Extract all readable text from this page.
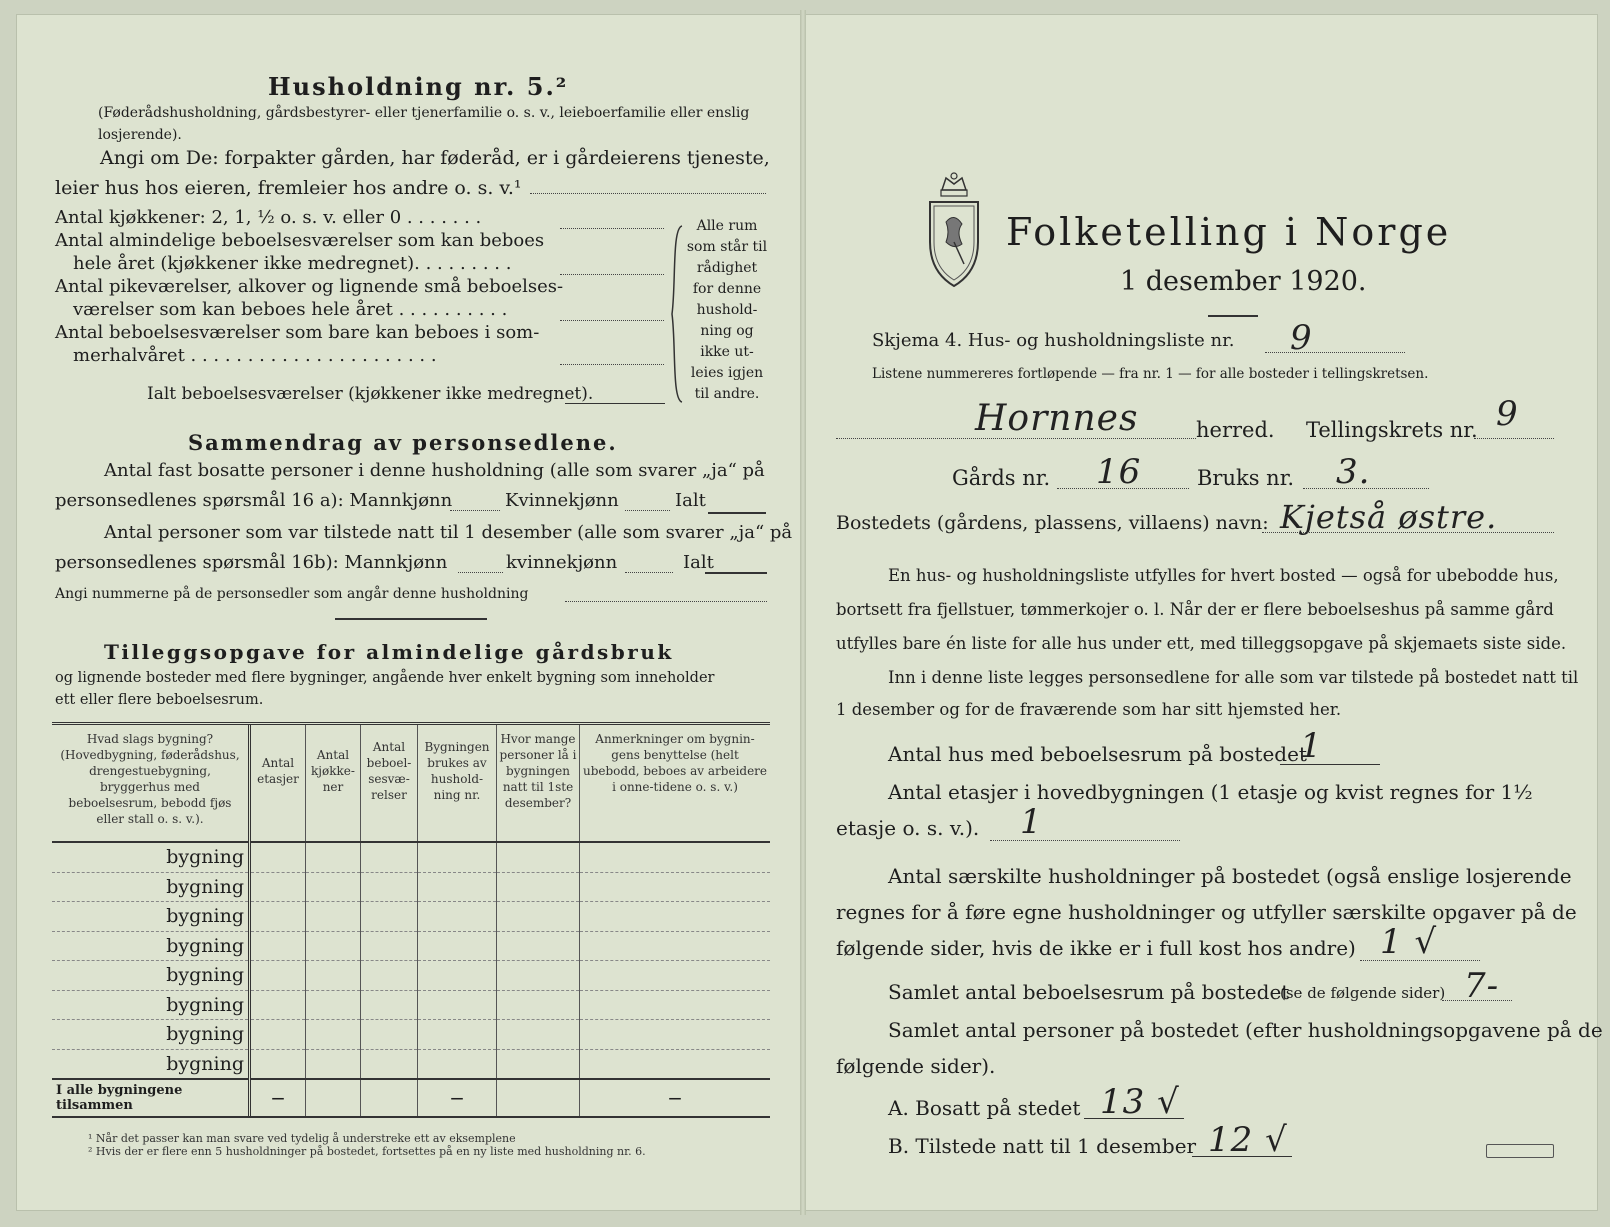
Husholdning nr. 5.²
(Føderådshusholdning, gårdsbestyrer- eller tjenerfamilie o. s. v., leieboerfamilie eller enslig losjerende).
Angi om De: forpakter gården, har føderåd, er i gårdeierens tjeneste,
leier hus hos eieren, fremleier hos andre o. s. v.¹
Antal kjøkkener: 2, 1, ½ o. s. v. eller 0 . . . . . . .
Antal almindelige beboelsesværelser som kan beboes
hele året (kjøkkener ikke medregnet). . . . . . . . .
Antal pikeværelser, alkover og lignende små beboelses-
værelser som kan beboes hele året . . . . . . . . . .
Antal beboelsesværelser som bare kan beboes i som-
merhalvåret . . . . . . . . . . . . . . . . . . . . . .
Alle rum
som står til
rådighet
for denne
hushold-
ning og
ikke ut-
leies igjen
til andre.
Ialt beboelsesværelser (kjøkkener ikke medregnet).
Sammendrag av personsedlene.
Antal fast bosatte personer i denne husholdning (alle som svarer „ja“ på
personsedlenes spørsmål 16 a): Mannkjønn	Kvinnekjønn	Ialt
Antal personer som var tilstede natt til 1 desember (alle som svarer „ja“ på
personsedlenes spørsmål 16b): Mannkjønn	kvinnekjønn	Ialt
Angi nummerne på de personsedler som angår denne husholdning
Tilleggsopgave for almindelige gårdsbruk
og lignende bosteder med flere bygninger, angående hver enkelt bygning som inneholder
ett eller flere beboelsesrum.
Hvad slags bygning? (Hovedbygning, føderådshus, drengestuebygning, bryggerhus med beboelsesrum, bebodd fjøs eller stall o. s. v.).	Antal etasjer	Antal kjøkke-ner	Antal beboel-sesvæ-relser	Bygningen brukes av hushold-ning nr.	Hvor mange personer lå i bygningen natt til 1ste desember?	Anmerkninger om bygnin-gens benyttelse (helt ubebodd, beboes av arbeidere i onne-tidene o. s. v.)
bygning						
bygning						
bygning						
bygning						
bygning						
bygning						
bygning						
bygning						
I alle bygningene tilsammen	—			—		—
¹ Når det passer kan man svare ved tydelig å understreke ett av eksemplene
² Hvis der er flere enn 5 husholdninger på bostedet, fortsettes på en ny liste med husholdning nr. 6.
Folketelling i Norge
1 desember 1920.
Skjema 4. Hus- og husholdningsliste nr. 9
Listene nummereres fortløpende — fra nr. 1 — for alle bosteder i tellingskretsen.
Hornnes	herred. Tellingskrets nr. 9
Gårds nr. 16	Bruks nr. 3.
Bostedets (gårdens, plassens, villaens) navn: Kjetså østre.
En hus- og husholdningsliste utfylles for hvert bosted — også for ubebodde hus,
bortsett fra fjellstuer, tømmerkojer o. l. Når der er flere beboelseshus på samme gård
utfylles bare én liste for alle hus under ett, med tilleggsopgave på skjemaets siste side.
Inn i denne liste legges personsedlene for alle som var tilstede på bostedet natt til
1 desember og for de fraværende som har sitt hjemsted her.
Antal hus med beboelsesrum på bostedet
1
Antal etasjer i hovedbygningen (1 etasje og kvist regnes for 1½
etasje o. s. v.). 1
Antal særskilte husholdninger på bostedet (også enslige losjerende
regnes for å føre egne husholdninger og utfyller særskilte opgaver på de
følgende sider, hvis de ikke er i full kost hos andre) 1 √
Samlet antal beboelsesrum på bostedet
(se de følgende sider) 7-
Samlet antal personer på bostedet (efter husholdningsopgavene på de
følgende sider).
A. Bosatt på stedet 13 √
B. Tilstede natt til 1 desember 12 √
